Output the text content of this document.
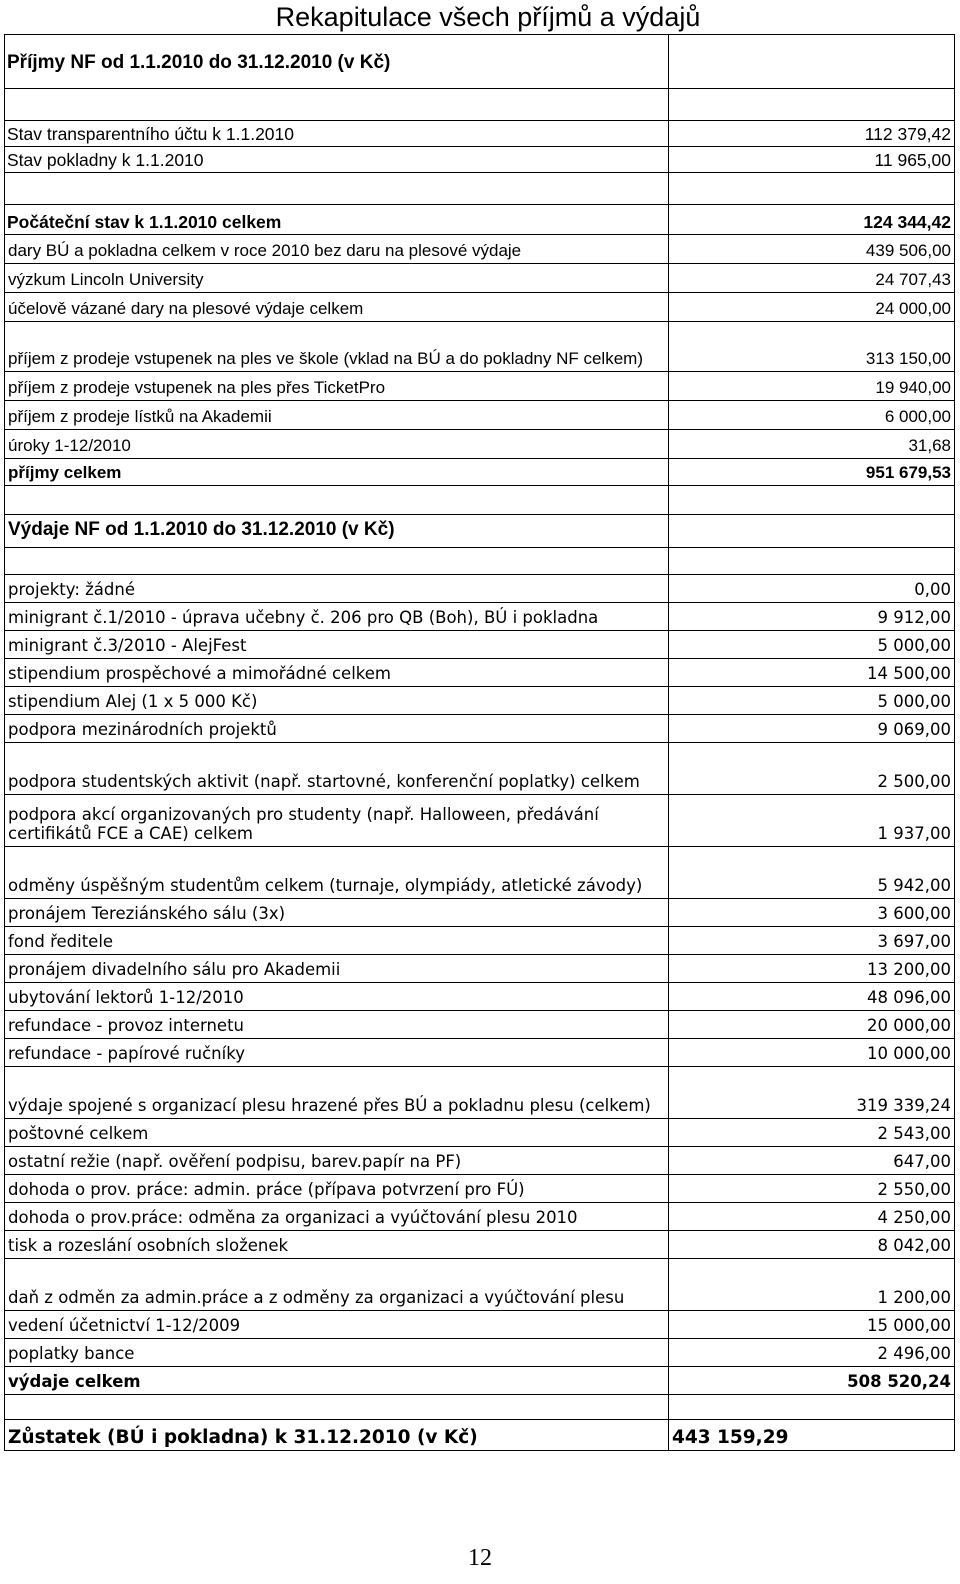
Rekapitulace všech příjmů a výdajů
Příjmy NF od 1.1.2010 do 31.12.2010 (v Kč)	

Stav transparentního účtu k 1.1.2010	112 379,42
Stav pokladny k 1.1.2010	11 965,00

Počáteční stav k 1.1.2010 celkem	124 344,42
dary BÚ a pokladna celkem v roce 2010 bez daru na plesové výdaje	439 506,00
výzkum Lincoln University	24 707,43
účelově vázané dary na plesové výdaje celkem	24 000,00
příjem z prodeje vstupenek na ples ve škole (vklad na BÚ a do pokladny NF celkem)	313 150,00
příjem z prodeje vstupenek na ples přes TicketPro	19 940,00
příjem z prodeje lístků na Akademii	6 000,00
úroky 1-12/2010	31,68
příjmy celkem	951 679,53

Výdaje NF od 1.1.2010 do 31.12.2010 (v Kč)	

projekty: žádné	0,00
minigrant č.1/2010 - úprava učebny č. 206 pro QB (Boh), BÚ i pokladna	9 912,00
minigrant č.3/2010 - AlejFest	5 000,00
stipendium prospěchové a mimořádné celkem	14 500,00
stipendium Alej (1 x 5 000 Kč)	5 000,00
podpora mezinárodních projektů	9 069,00
podpora studentských aktivit (např. startovné, konferenční poplatky) celkem	2 500,00
podpora akcí organizovaných pro studenty (např. Halloween, předávání certifikátů FCE a CAE) celkem	1 937,00
odměny úspěšným studentům celkem (turnaje, olympiády, atletické závody)	5 942,00
pronájem Tereziánského sálu (3x)	3 600,00
fond ředitele	3 697,00
pronájem divadelního sálu pro Akademii	13 200,00
ubytování lektorů 1-12/2010	48 096,00
refundace - provoz internetu	20 000,00
refundace - papírové ručníky	10 000,00
výdaje spojené s organizací plesu hrazené přes BÚ a pokladnu plesu (celkem)	319 339,24
poštovné celkem	2 543,00
ostatní režie (např. ověření podpisu, barev.papír na PF)	647,00
dohoda o prov. práce: admin. práce (přípava potvrzení pro FÚ)	2 550,00
dohoda o prov.práce: odměna za organizaci a vyúčtování plesu 2010	4 250,00
tisk a rozeslání osobních složenek	8 042,00
daň z odměn za admin.práce a z odměny za organizaci a vyúčtování plesu	1 200,00
vedení účetnictví 1-12/2009	15 000,00
poplatky bance	2 496,00
výdaje celkem	508 520,24

Zůstatek (BÚ i pokladna) k 31.12.2010 (v Kč)	443 159,29
12
